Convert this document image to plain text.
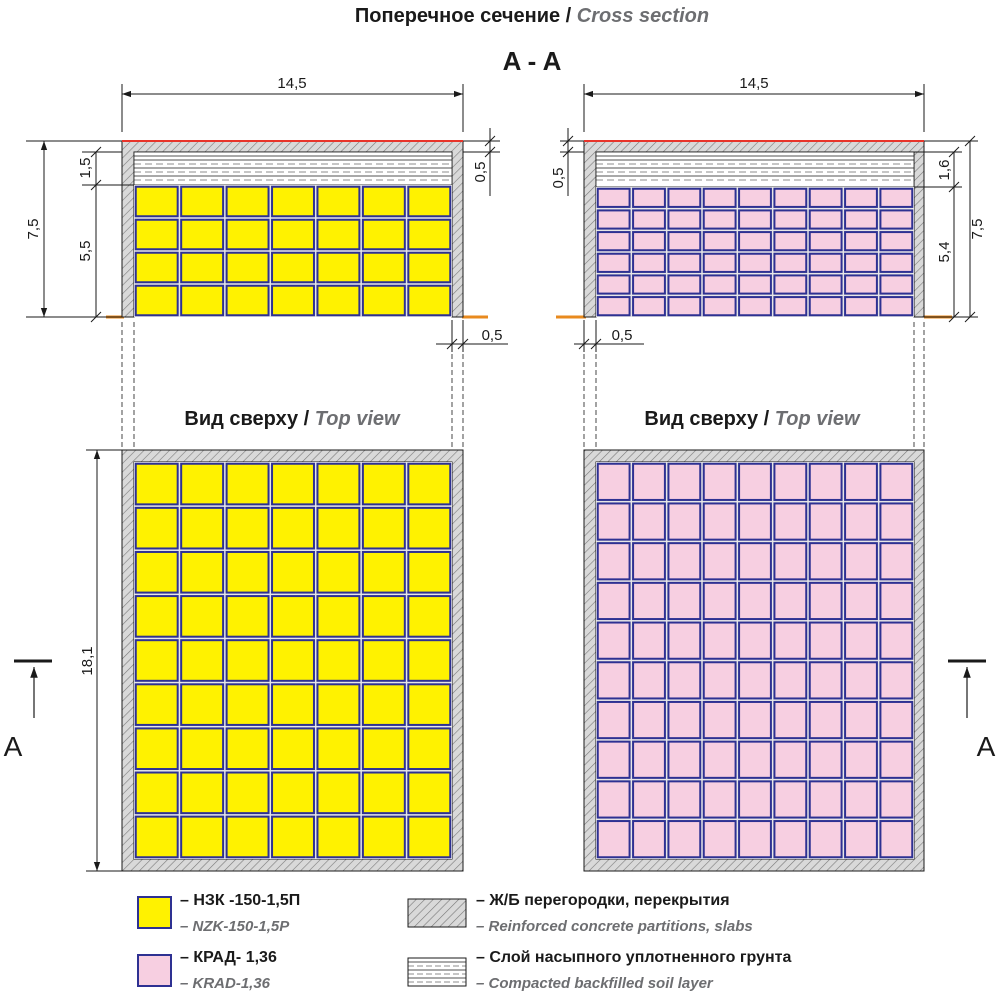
Поперечное сечение / Cross section
A - A
Вид сверху / Top view	Вид сверху / Top view
14,5	14,5
7,5
1,5
5,5
0,5
0,5
0,5
0,5
1,6
5,4
7,5
18,1
A	A
– НЗК -150-1,5П
– NZK-150-1,5P
– КРАД- 1,36
– KRAD-1,36
– Ж/Б перегородки, перекрытия
– Reinforced concrete partitions, slabs
– Слой насыпного уплотненного грунта
– Compacted backfilled soil layer
